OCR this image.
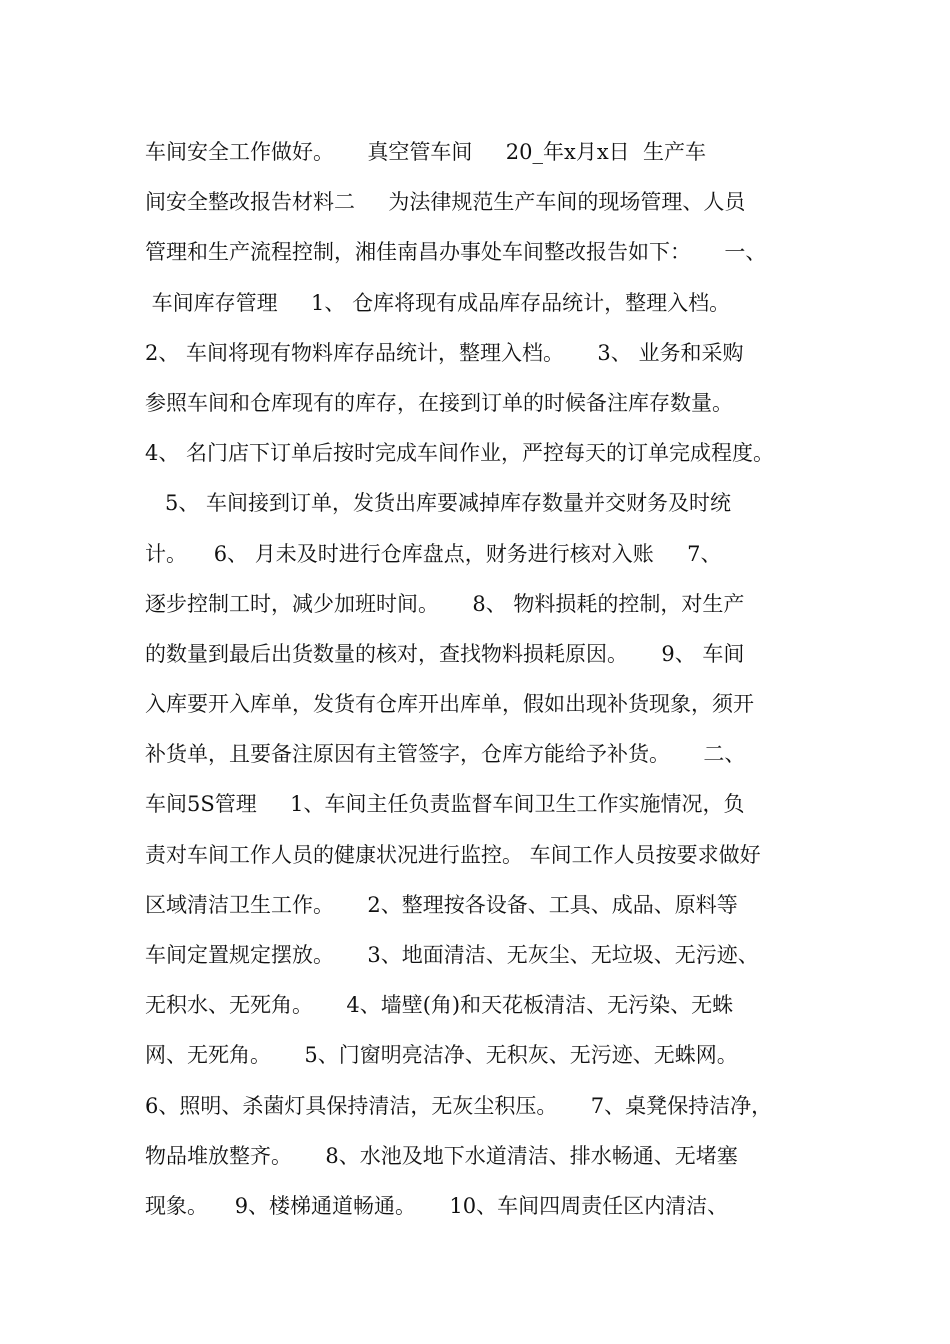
车间安全工作做好。     真空管车间     20_年x月x日  生产车
间安全整改报告材料二     为法律规范生产车间的现场管理、人员
管理和生产流程控制，湘佳南昌办事处车间整改报告如下：     一、
车间库存管理     1、 仓库将现有成品库存品统计，整理入档。
2、 车间将现有物料库存品统计，整理入档。     3、 业务和采购
参照车间和仓库现有的库存，在接到订单的时候备注库存数量。
4、 名门店下订单后按时完成车间作业，严控每天的订单完成程度。
5、 车间接到订单，发货出库要减掉库存数量并交财务及时统
计。    6、 月未及时进行仓库盘点，财务进行核对入账     7、
逐步控制工时，减少加班时间。     8、 物料损耗的控制，对生产
的数量到最后出货数量的核对，查找物料损耗原因。     9、 车间
入库要开入库单，发货有仓库开出库单，假如出现补货现象，须开
补货单，且要备注原因有主管签字，仓库方能给予补货。     二、
车间5S管理     1、车间主任负责监督车间卫生工作实施情况，负
责对车间工作人员的健康状况进行监控。 车间工作人员按要求做好
区域清洁卫生工作。     2、整理按各设备、工具、成品、原料等
车间定置规定摆放。     3、地面清洁、无灰尘、无垃圾、无污迹、
无积水、无死角。     4、墙壁(角)和天花板清洁、无污染、无蛛
网、无死角。     5、门窗明亮洁净、无积灰、无污迹、无蛛网。
6、照明、杀菌灯具保持清洁，无灰尘积压。     7、桌凳保持洁净，
物品堆放整齐。     8、水池及地下水道清洁、排水畅通、无堵塞
现象。    9、楼梯通道畅通。     10、车间四周责任区内清洁、
